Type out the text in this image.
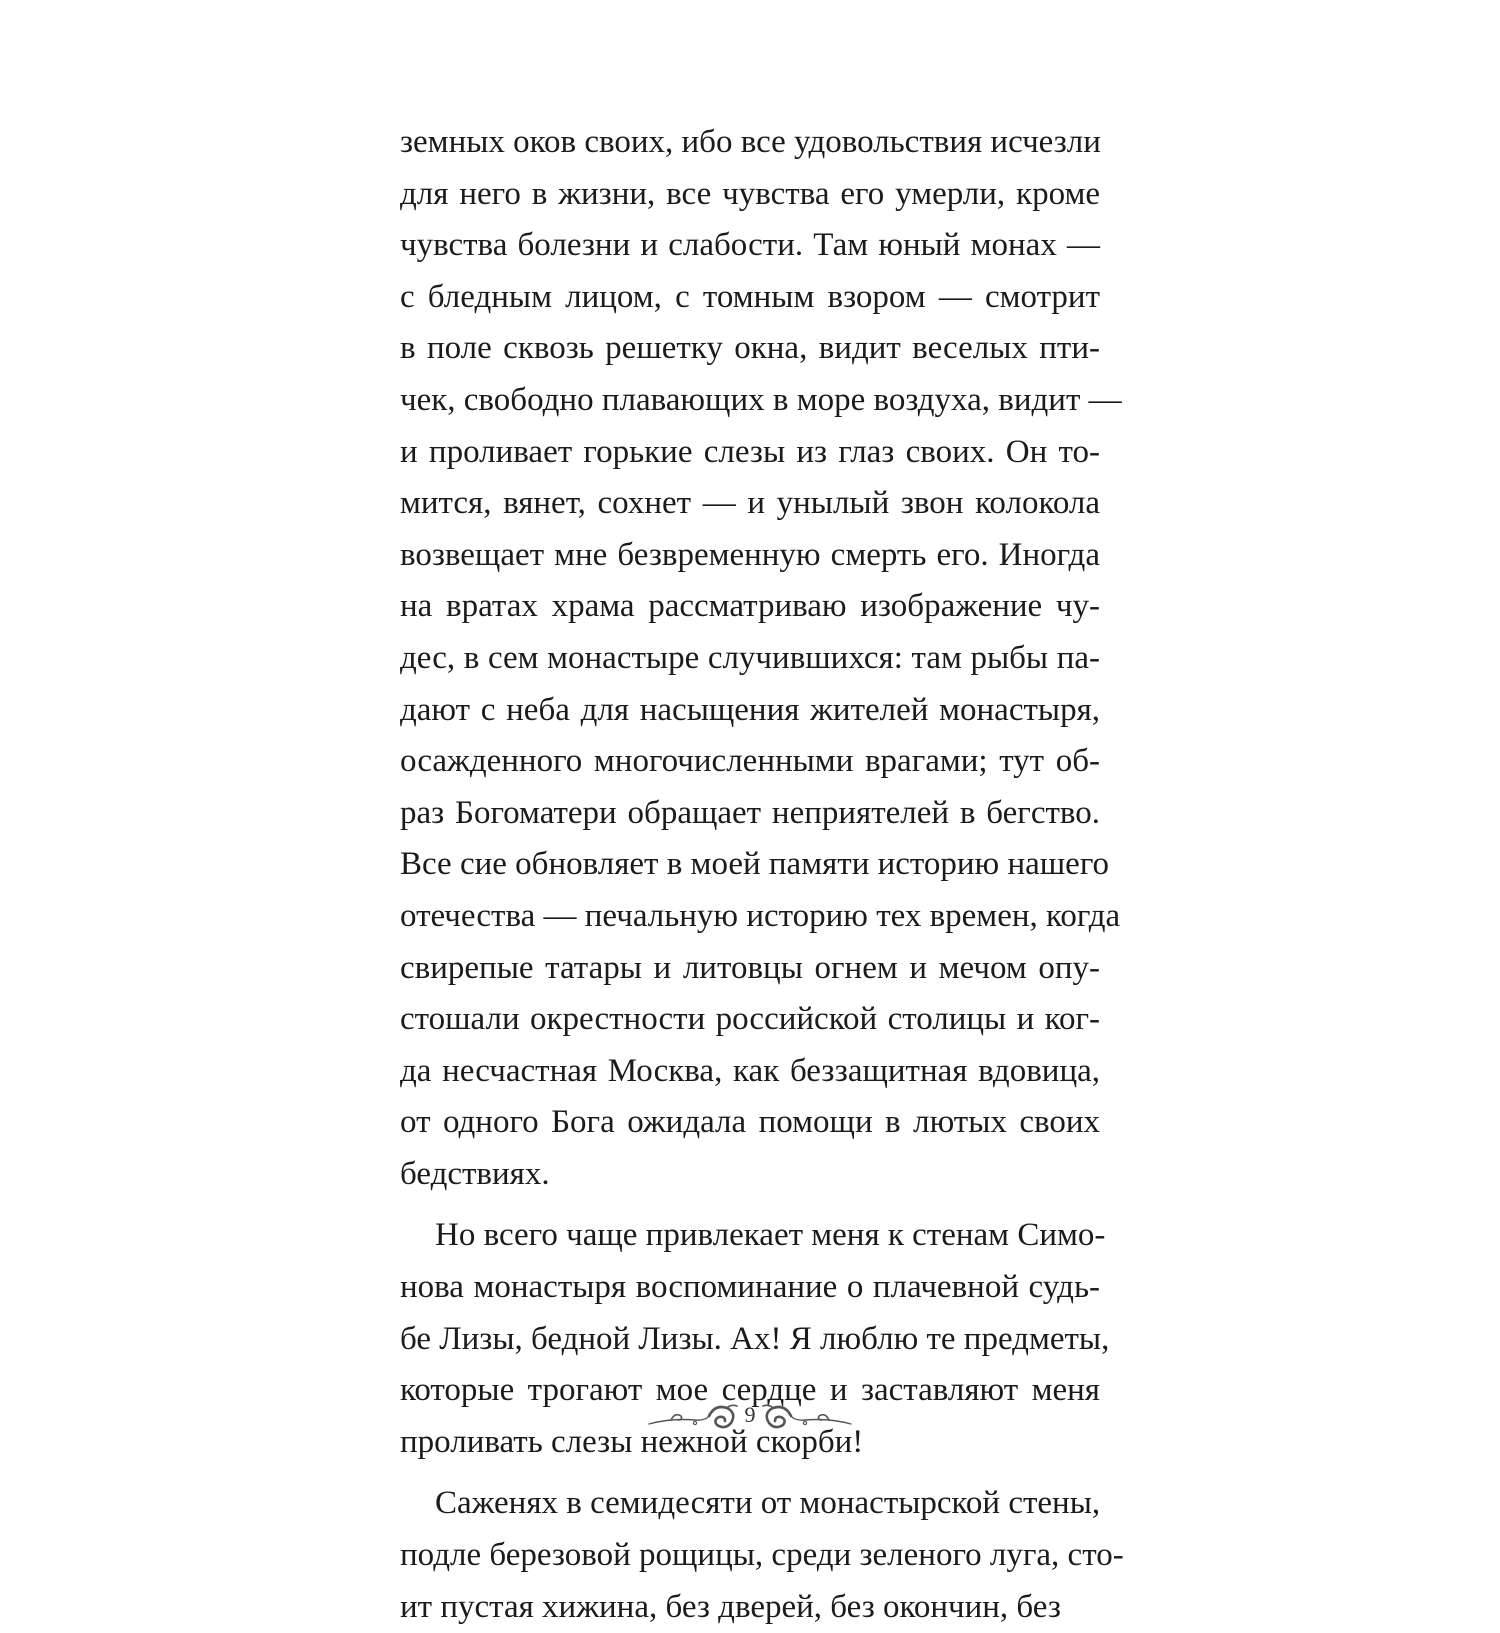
земных оков своих, ибо все удовольствия исчезли
для него в жизни, все чувства его умерли, кроме
чувства болезни и слабости. Там юный монах —
с бледным лицом, с томным взором — смотрит
в поле сквозь решетку окна, видит веселых пти-
чек, свободно плавающих в море воздуха, видит —
и проливает горькие слезы из глаз своих. Он то-
мится, вянет, сохнет — и унылый звон колокола
возвещает мне безвременную смерть его. Иногда
на вратах храма рассматриваю изображение чу-
дес, в сем монастыре случившихся: там рыбы па-
дают с неба для насыщения жителей монастыря,
осажденного многочисленными врагами; тут об-
раз Богоматери обращает неприятелей в бегство.
Все сие обновляет в моей памяти историю нашего
отечества — печальную историю тех времен, когда
свирепые татары и литовцы огнем и мечом опу-
стошали окрестности российской столицы и ког-
да несчастная Москва, как беззащитная вдовица,
от одного Бога ожидала помощи в лютых своих
бедствиях.
Но всего чаще привлекает меня к стенам Симо-
нова монастыря воспоминание о плачевной судь-
бе Лизы, бедной Лизы. Ах! Я люблю те предметы,
которые трогают мое сердце и заставляют меня
проливать слезы нежной скорби!
Саженях в семидесяти от монастырской стены,
подле березовой рощицы, среди зеленого луга, сто-
ит пустая хижина, без дверей, без окончин, без
9
